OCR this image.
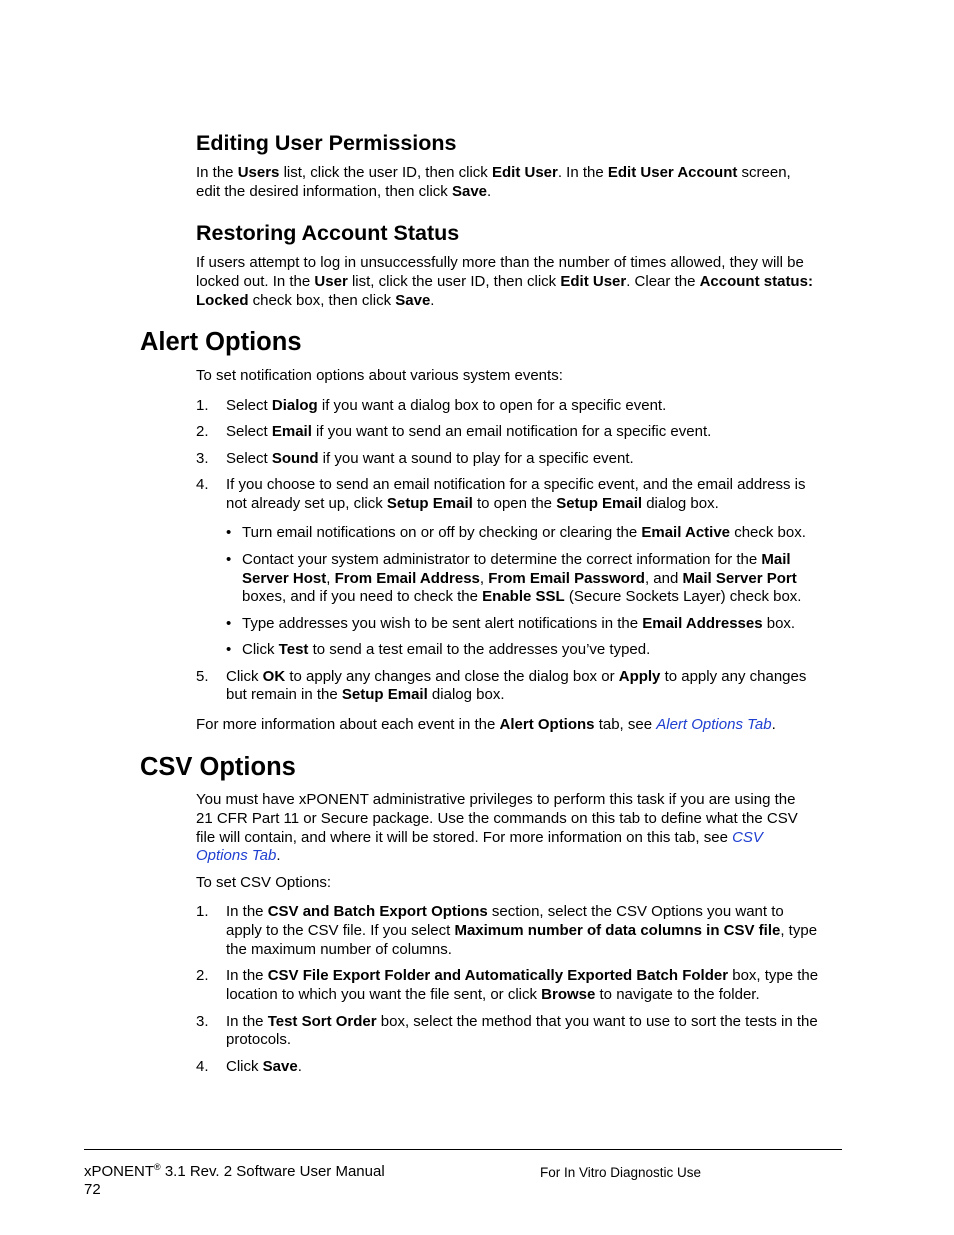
Editing User Permissions
In the Users list, click the user ID, then click Edit User. In the Edit User Account screen,
edit the desired information, then click Save.
Restoring Account Status
If users attempt to log in unsuccessfully more than the number of times allowed, they will be
locked out. In the User list, click the user ID, then click Edit User. Clear the Account status:
Locked check box, then click Save.
Alert Options
To set notification options about various system events:
1. Select Dialog if you want a dialog box to open for a specific event.
2. Select Email if you want to send an email notification for a specific event.
3. Select Sound if you want a sound to play for a specific event.
4. If you choose to send an email notification for a specific event, and the email address is
not already set up, click Setup Email to open the Setup Email dialog box.
• Turn email notifications on or off by checking or clearing the Email Active check box.
• Contact your system administrator to determine the correct information for the Mail
Server Host, From Email Address, From Email Password, and Mail Server Port
boxes, and if you need to check the Enable SSL (Secure Sockets Layer) check box.
• Type addresses you wish to be sent alert notifications in the Email Addresses box.
• Click Test to send a test email to the addresses you’ve typed.
5. Click OK to apply any changes and close the dialog box or Apply to apply any changes
but remain in the Setup Email dialog box.
For more information about each event in the Alert Options tab, see Alert Options Tab.
CSV Options
You must have xPONENT administrative privileges to perform this task if you are using the
21 CFR Part 11 or Secure package. Use the commands on this tab to define what the CSV
file will contain, and where it will be stored. For more information on this tab, see CSV
Options Tab.
To set CSV Options:
1. In the CSV and Batch Export Options section, select the CSV Options you want to
apply to the CSV file. If you select Maximum number of data columns in CSV file, type
the maximum number of columns.
2. In the CSV File Export Folder and Automatically Exported Batch Folder box, type the
location to which you want the file sent, or click Browse to navigate to the folder.
3. In the Test Sort Order box, select the method that you want to use to sort the tests in the
protocols.
4. Click Save.
xPONENT® 3.1 Rev. 2 Software User Manual
72
For In Vitro Diagnostic Use
